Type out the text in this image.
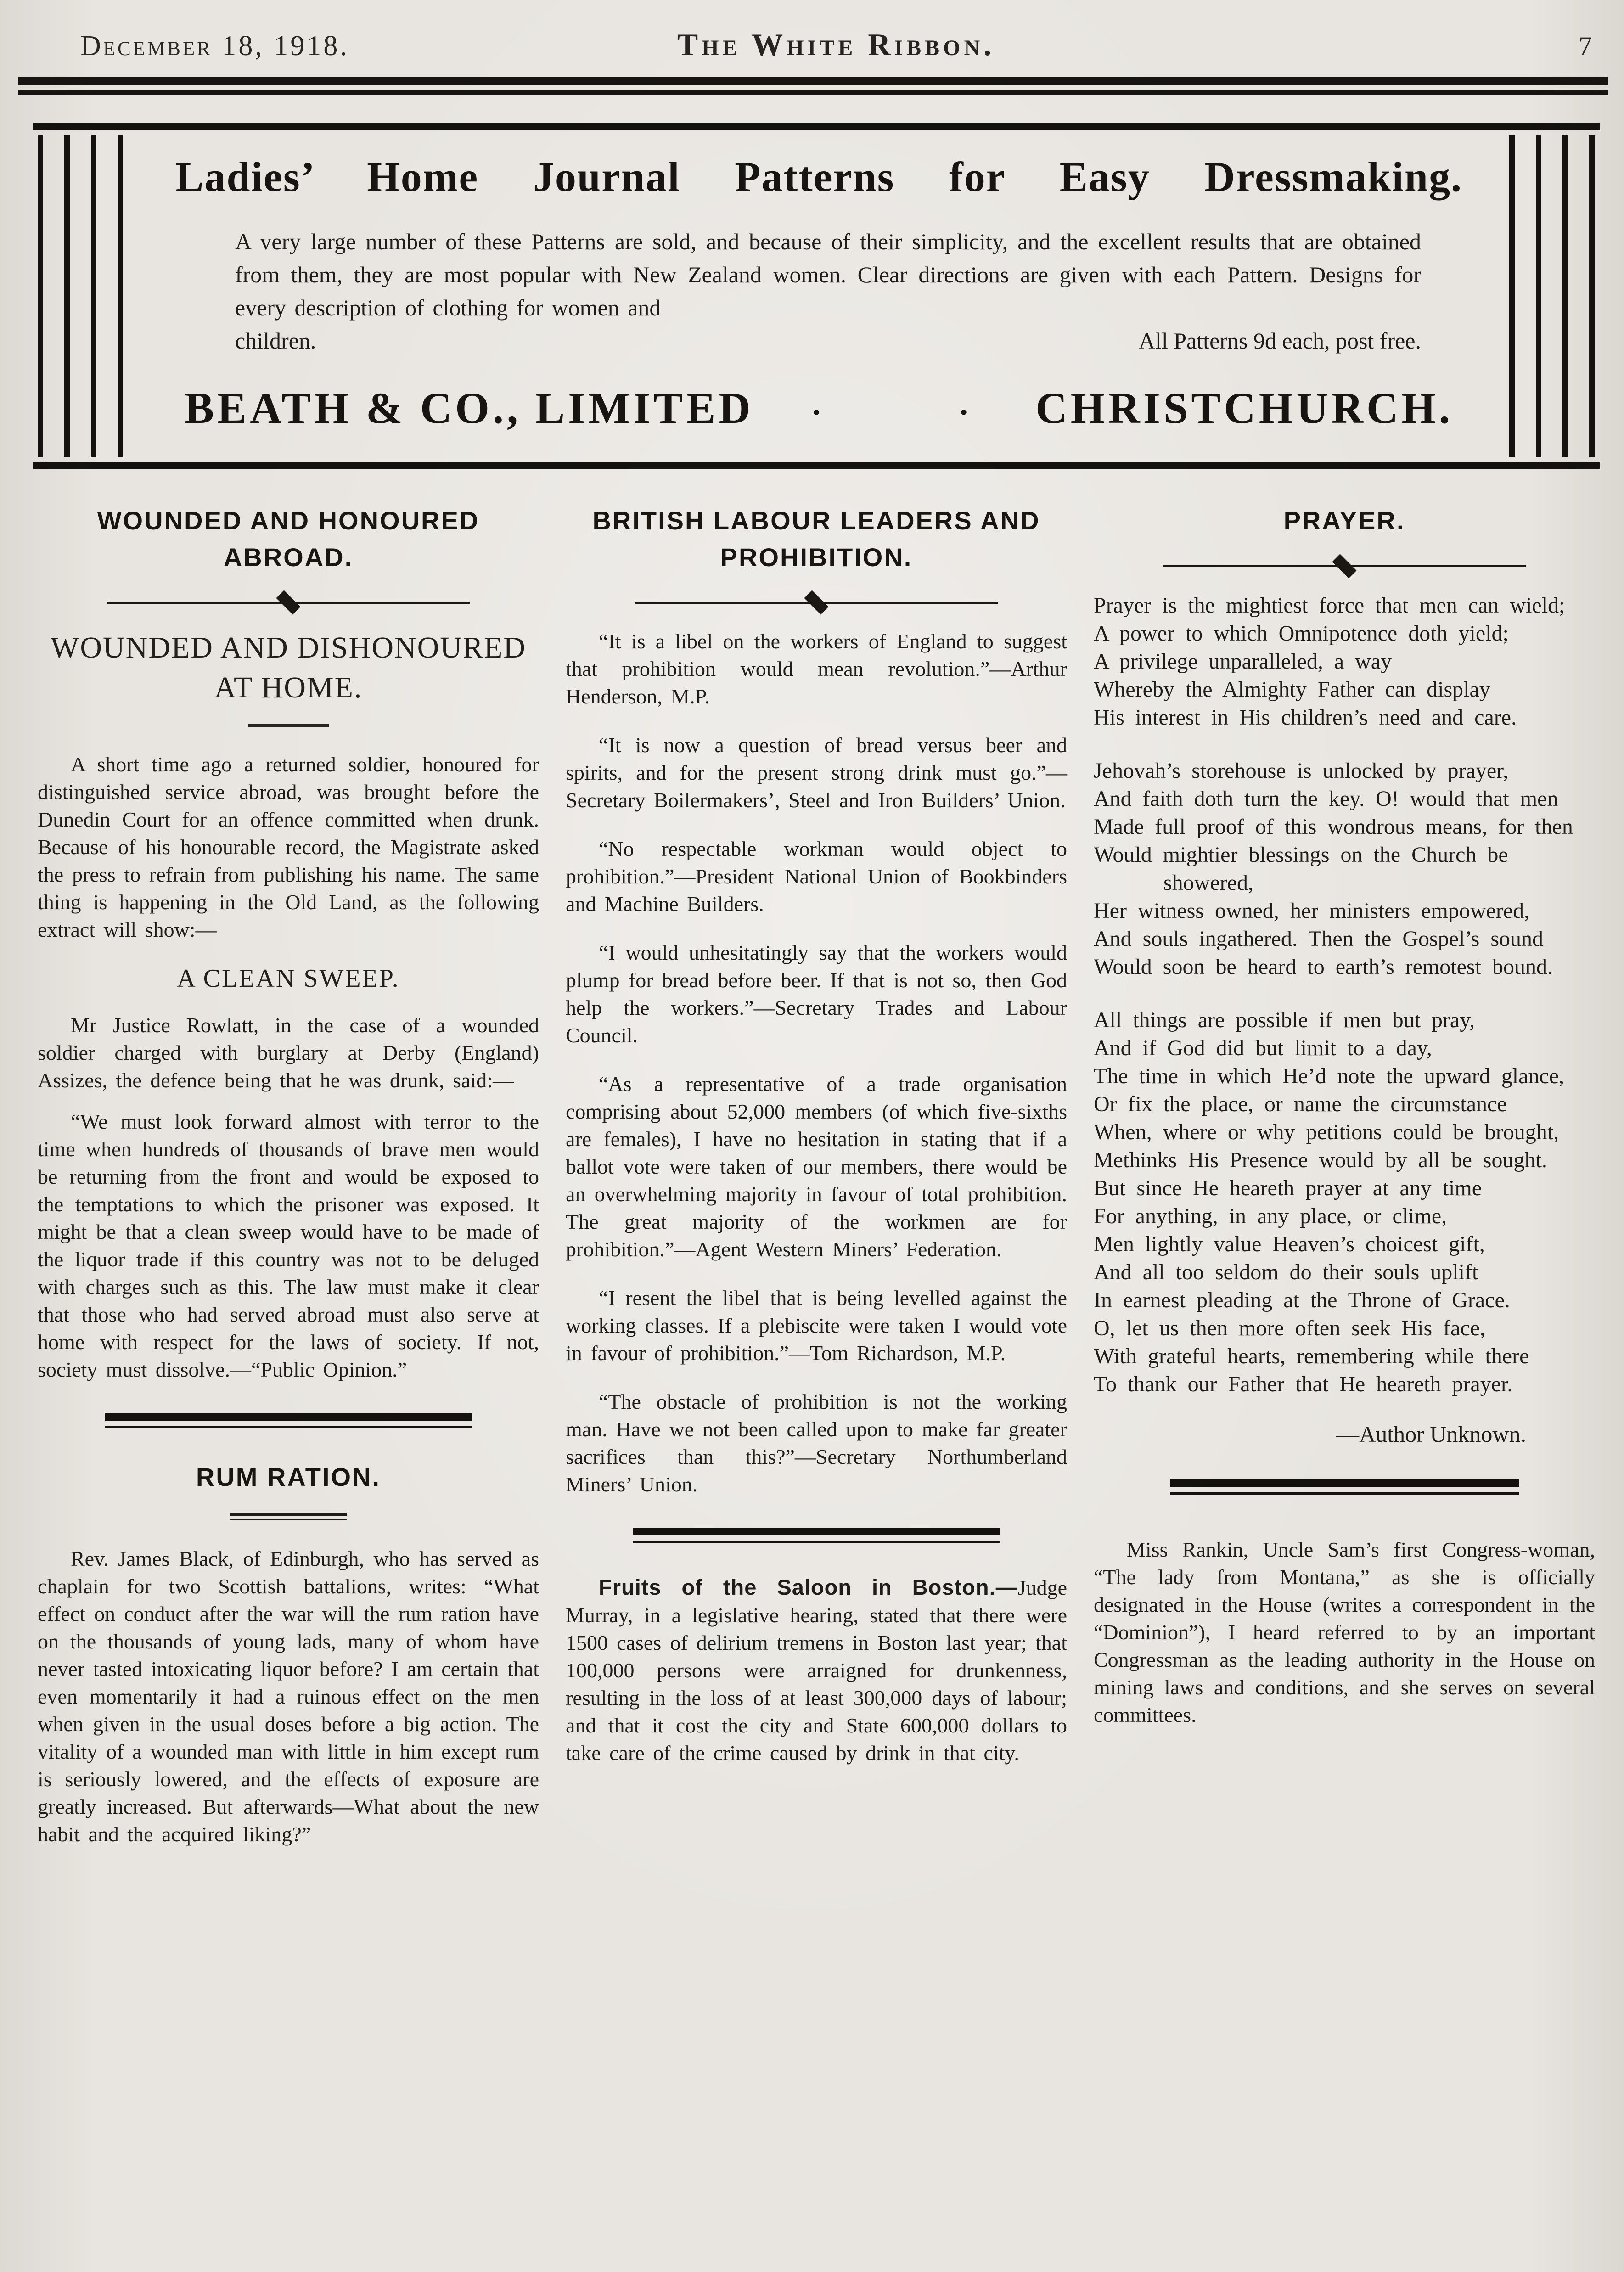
December 18, 1918.	The White Ribbon.	7
Ladies’ Home Journal Patterns for Easy Dressmaking.

A very large number of these Patterns are sold, and because of their simplicity, and the excellent results that are obtained from them, they are most popular with New Zealand women. Clear directions are given with each Pattern. Designs for every description of clothing for women and

children.	All Patterns 9d each, post free.
BEATH & CO., LIMITED	· · CHRISTCHURCH.
WOUNDED AND HONOURED ABROAD.
WOUNDED AND DISHONOURED AT HOME.

A short time ago a returned soldier, honoured for distinguished service abroad, was brought before the Dunedin Court for an offence committed when drunk. Because of his honourable record, the Magistrate asked the press to refrain from publishing his name. The same thing is happening in the Old Land, as the following extract will show:—

A CLEAN SWEEP.

Mr Justice Rowlatt, in the case of a wounded soldier charged with burglary at Derby (England) Assizes, the defence being that he was drunk, said:—

“We must look forward almost with terror to the time when hundreds of thousands of brave men would be returning from the front and would be exposed to the temptations to which the prisoner was exposed. It might be that a clean sweep would have to be made of the liquor trade if this country was not to be deluged with charges such as this. The law must make it clear that those who had served abroad must also serve at home with respect for the laws of society. If not, society must dissolve.—“Public Opinion.”

RUM RATION.

Rev. James Black, of Edinburgh, who has served as chaplain for two Scottish battalions, writes: “What effect on conduct after the war will the rum ration have on the thousands of young lads, many of whom have never tasted intoxicating liquor before? I am certain that even momentarily it had a ruinous effect on the men when given in the usual doses before a big action. The vitality of a wounded man with little in him except rum is seriously lowered, and the effects of exposure are greatly increased. But afterwards—What about the new habit and the acquired liking?”

BRITISH LABOUR LEADERS AND PROHIBITION.

“It is a libel on the workers of England to suggest that prohibition would mean revolution.”—Arthur Henderson, M.P.

“It is now a question of bread versus beer and spirits, and for the present strong drink must go.”—Secretary Boilermakers’, Steel and Iron Builders’ Union.

“No respectable workman would object to prohibition.”—President National Union of Bookbinders and Machine Builders.

“I would unhesitatingly say that the workers would plump for bread before beer. If that is not so, then God help the workers.”—Secretary Trades and Labour Council.

“As a representative of a trade organisation comprising about 52,000 members (of which five-sixths are females), I have no hesitation in stating that if a ballot vote were taken of our members, there would be an overwhelming majority in favour of total prohibition. The great majority of the workmen are for prohibition.”—Agent Western Miners’ Federation.

“I resent the libel that is being levelled against the working classes. If a plebiscite were taken I would vote in favour of prohibition.”—Tom Richardson, M.P.

“The obstacle of prohibition is not the working man. Have we not been called upon to make far greater sacrifices than this?”—Secretary Northumberland Miners’ Union.

Fruits of the Saloon in Boston.—Judge Murray, in a legislative hearing, stated that there were 1500 cases of delirium tremens in Boston last year; that 100,000 persons were arraigned for drunkenness, resulting in the loss of at least 300,000 days of labour; and that it cost the city and State 600,000 dollars to take care of the crime caused by drink in that city.

PRAYER.
Prayer is the mightiest force that men can wield;
A power to which Omnipotence doth yield;
A privilege unparalleled, a way
Whereby the Almighty Father can display
His interest in His children’s need and care.
Jehovah’s storehouse is unlocked by prayer,
And faith doth turn the key. O! would that men
Made full proof of this wondrous means, for then
Would mightier blessings on the Church be showered,
Her witness owned, her ministers empowered,
And souls ingathered. Then the Gospel’s sound
Would soon be heard to earth’s remotest bound.
All things are possible if men but pray,
And if God did but limit to a day,
The time in which He’d note the upward glance,
Or fix the place, or name the circumstance
When, where or why petitions could be brought,
Methinks His Presence would by all be sought.
But since He heareth prayer at any time
For anything, in any place, or clime,
Men lightly value Heaven’s choicest gift,
And all too seldom do their souls uplift
In earnest pleading at the Throne of Grace.
O, let us then more often seek His face,
With grateful hearts, remembering while there
To thank our Father that He heareth prayer.
—Author Unknown.

Miss Rankin, Uncle Sam’s first Congress-woman, “The lady from Montana,” as she is officially designated in the House (writes a correspondent in the “Dominion”), I heard referred to by an important Congressman as the leading authority in the House on mining laws and conditions, and she serves on several committees.
